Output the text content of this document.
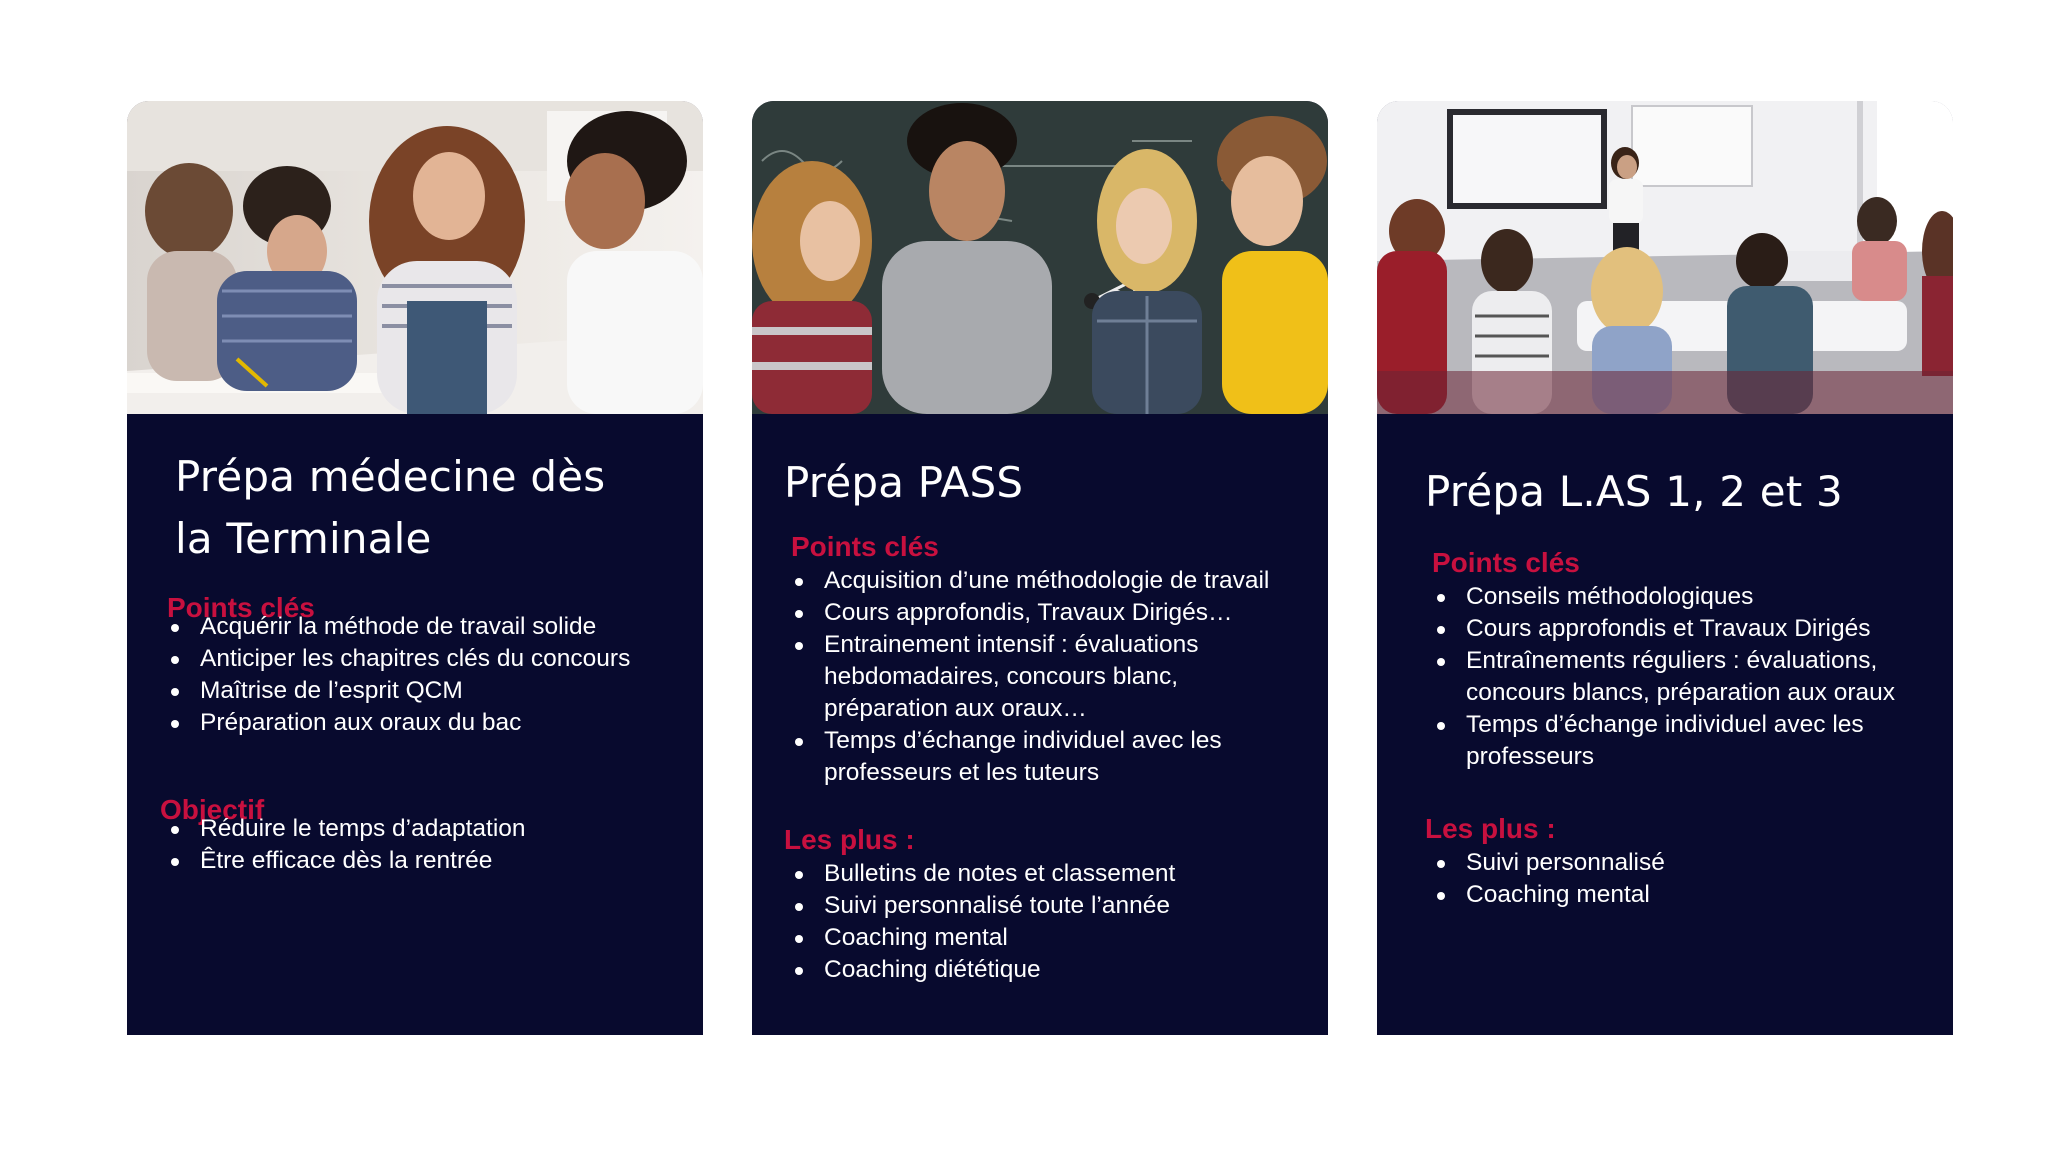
Prépa médecine dès
la Terminale
Points clés
Acquérir la méthode de travail solide
Anticiper les chapitres clés du concours
Maîtrise de l’esprit QCM
Préparation aux oraux du bac
Objectif
Réduire le temps d’adaptation
Être efficace dès la rentrée
Prépa PASS
Points clés
Acquisition d’une méthodologie de travail
Cours approfondis, Travaux Dirigés…
Entrainement intensif : évaluations
hebdomadaires, concours blanc,
préparation aux oraux…
Temps d’échange individuel avec les
professeurs et les tuteurs
Les plus :
Bulletins de notes et classement
Suivi personnalisé toute l’année
Coaching mental
Coaching diététique
Prépa L.AS 1, 2 et 3
Points clés
Conseils méthodologiques
Cours approfondis et Travaux Dirigés
Entraînements réguliers : évaluations,
concours blancs, préparation aux oraux
Temps d’échange individuel avec les
professeurs
Les plus :
Suivi personnalisé
Coaching mental
